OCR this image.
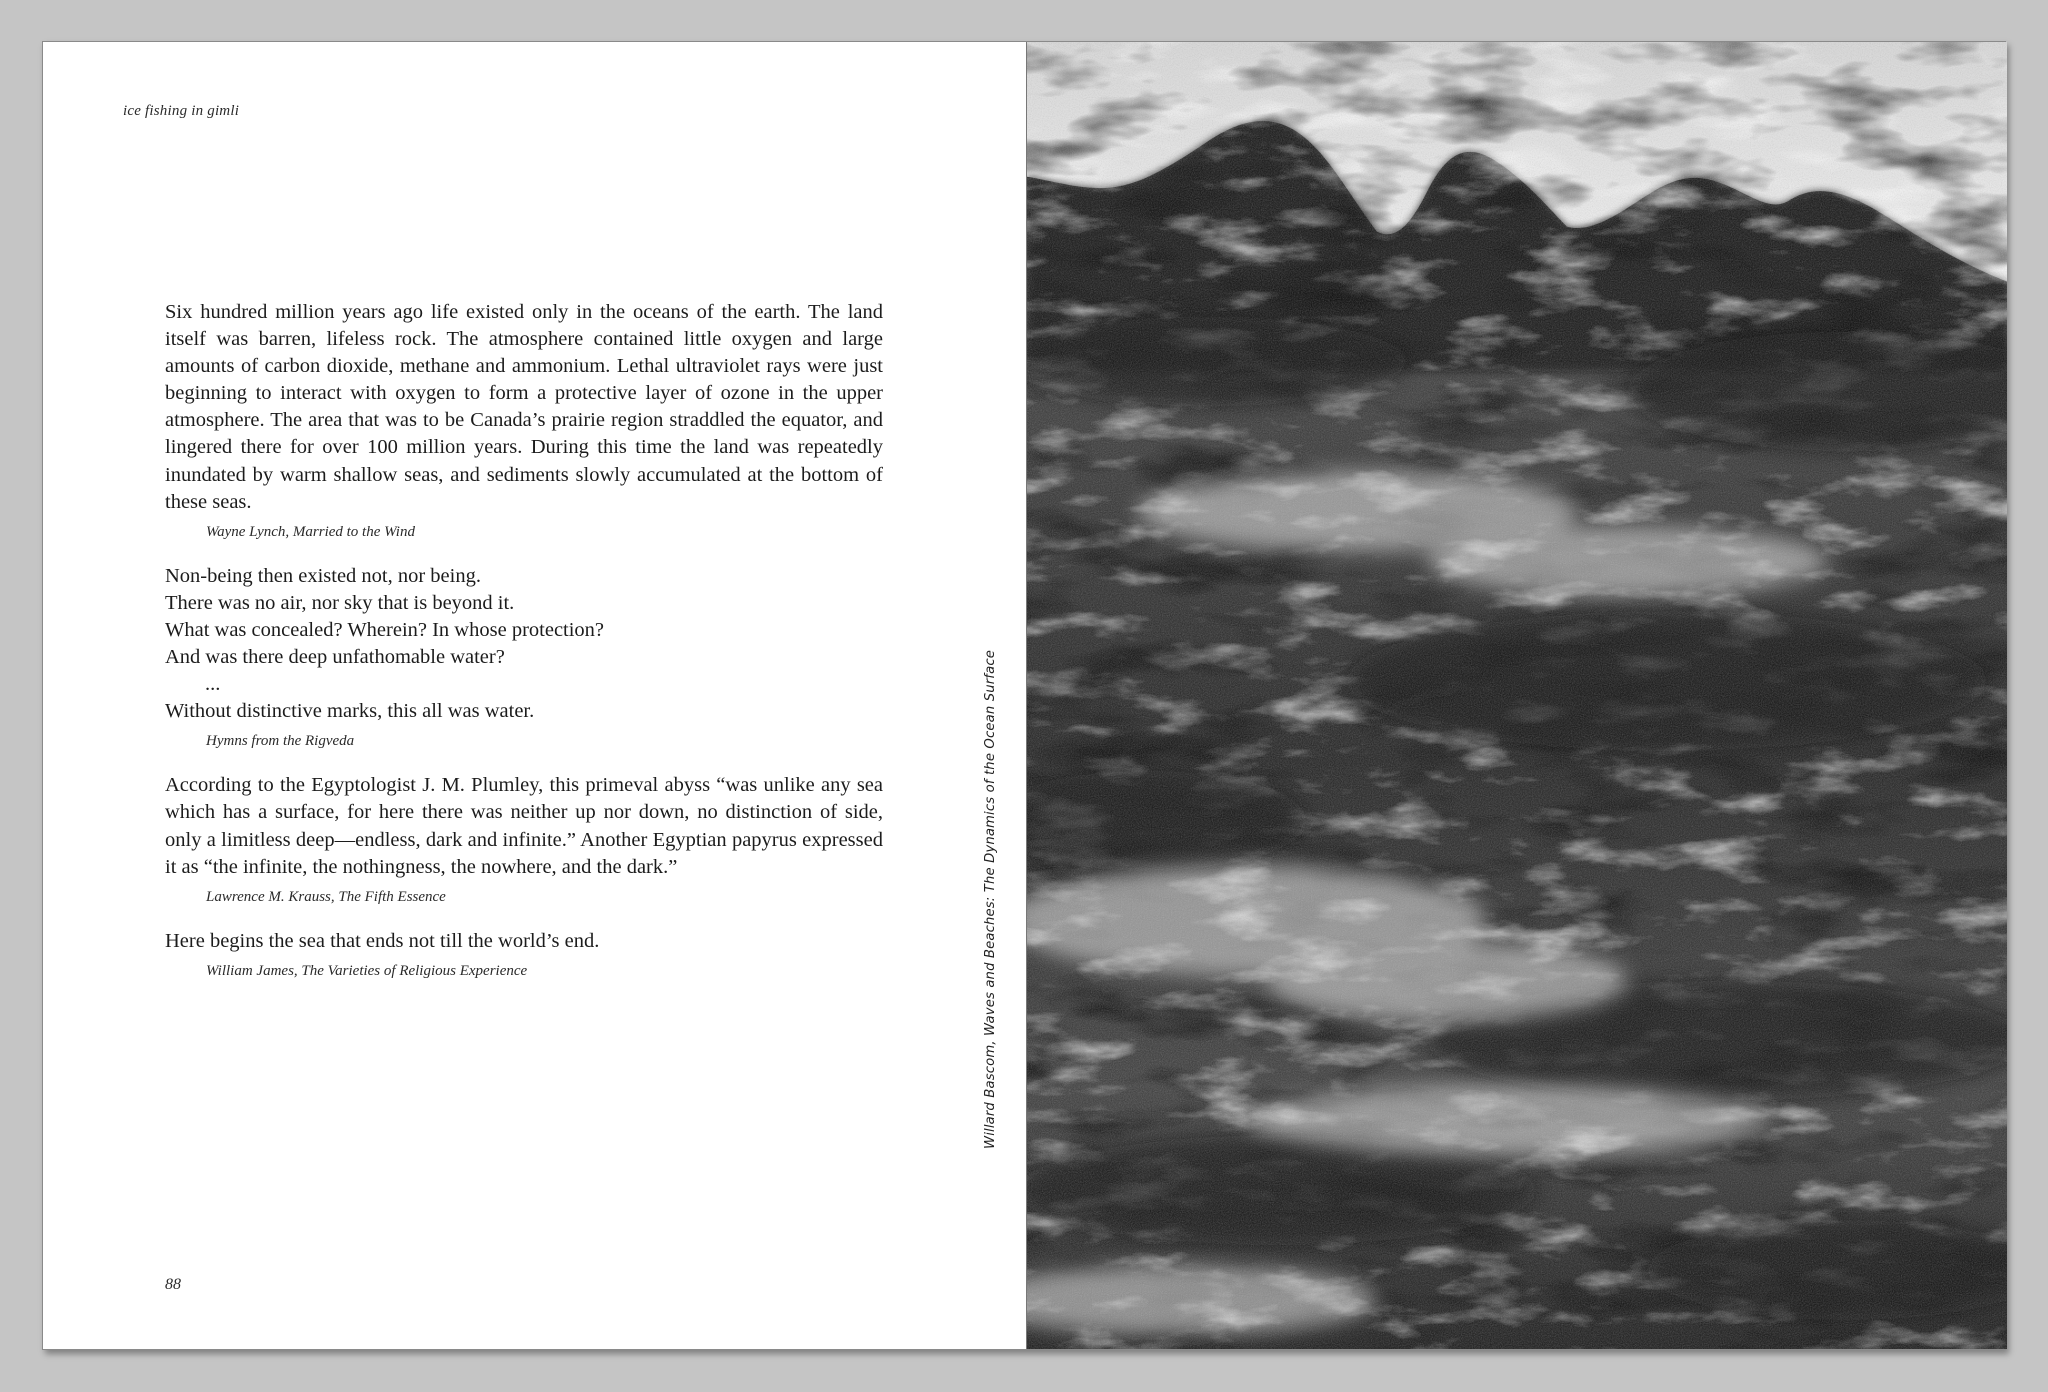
ice fishing in gimli

Six hundred million years ago life existed only in the oceans of the earth. The land itself was barren, lifeless rock. The atmosphere contained little oxygen and large amounts of carbon dioxide, methane and ammonium. Lethal ultraviolet rays were just beginning to interact with oxygen to form a protective layer of ozone in the upper atmosphere. The area that was to be Canada’s prairie region straddled the equator, and lingered there for over 100 million years. During this time the land was repeatedly inundated by warm shallow seas, and sediments slowly accumulated at the bottom of these seas.

Wayne Lynch, Married to the Wind

Non-being then existed not, nor being.
There was no air, nor sky that is beyond it.
What was concealed? Wherein? In whose protection?
And was there deep unfathomable water?
...
Without distinctive marks, this all was water.

Hymns from the Rigveda

According to the Egyptologist J. M. Plumley, this primeval abyss “was unlike any sea which has a surface, for here there was neither up nor down, no distinction of side, only a limitless deep—endless, dark and infinite.” Another Egyptian papyrus expressed it as “the infinite, the nothingness, the nowhere, and the dark.”

Lawrence M. Krauss, The Fifth Essence

Here begins the sea that ends not till the world’s end.

William James, The Varieties of Religious Experience	Willard Bascom, Waves and Beaches: The Dynamics of the Ocean Surface
88
